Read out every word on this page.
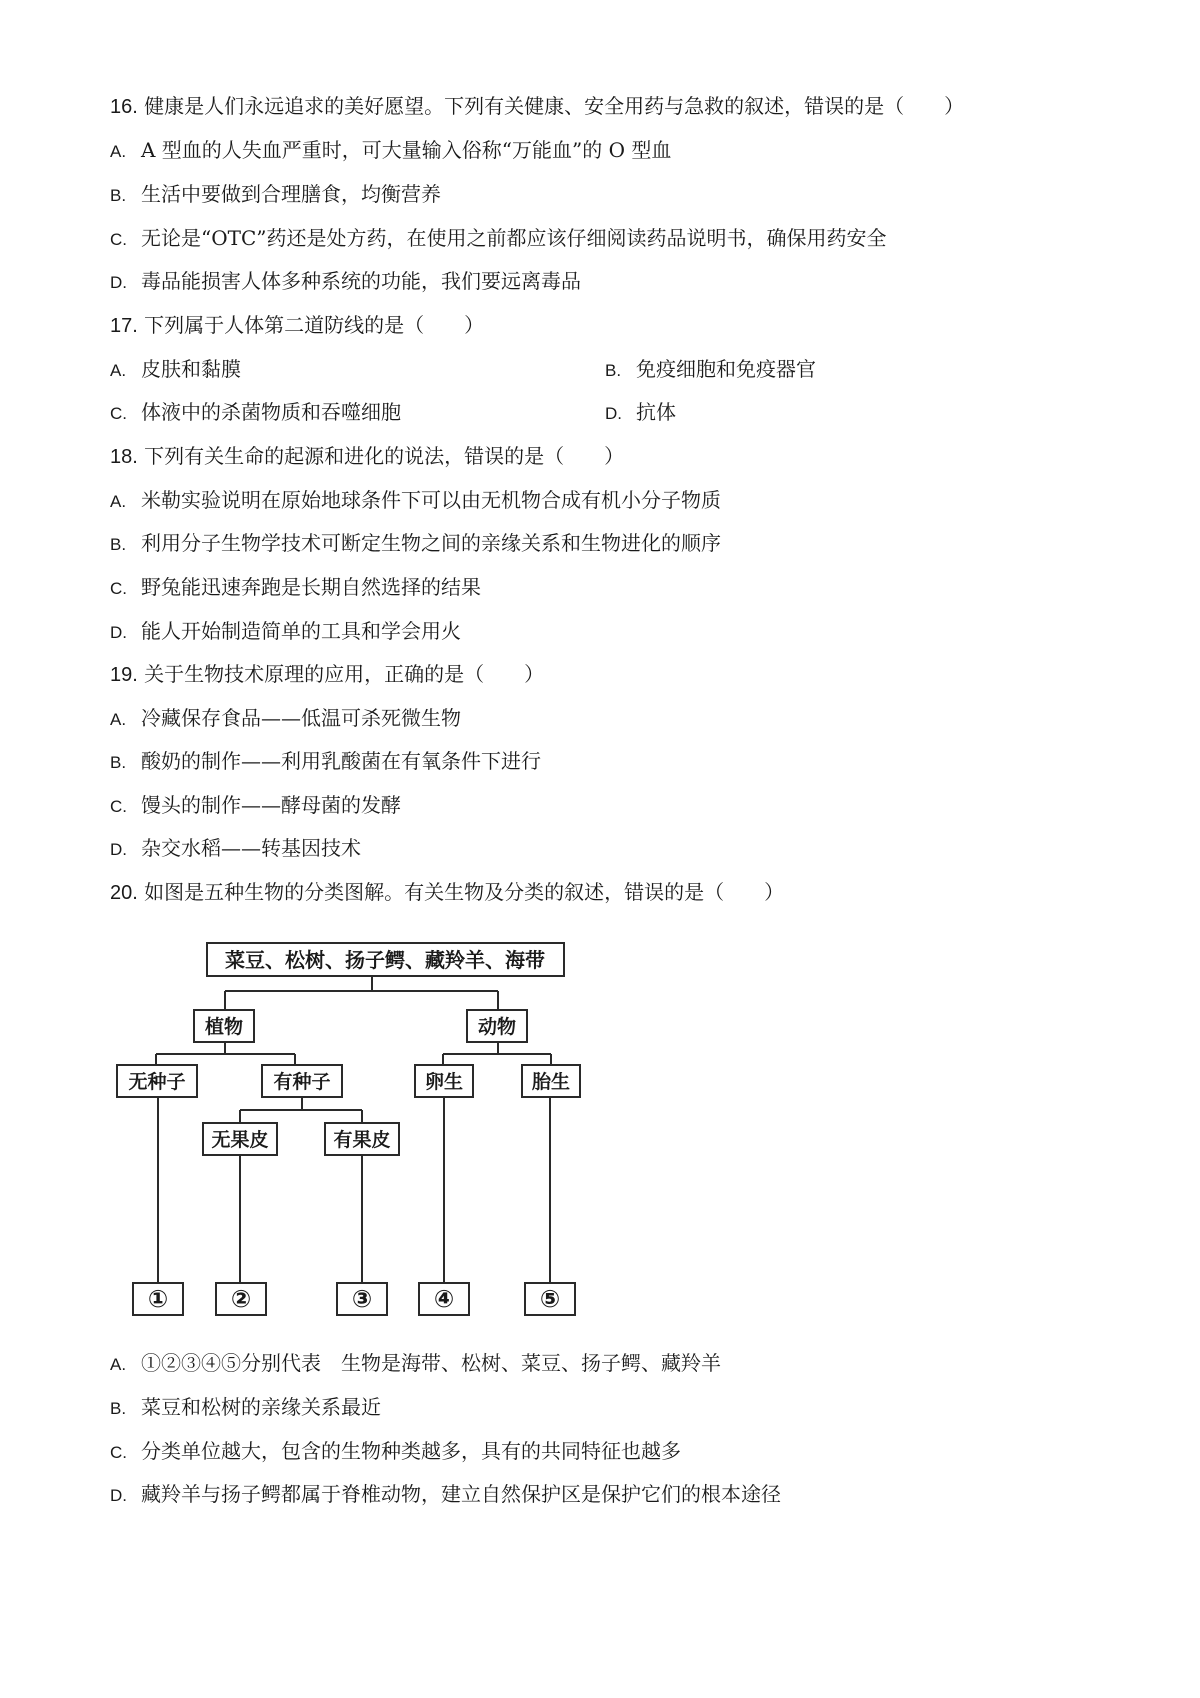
16. 健康是人们永远追求的美好愿望。下列有关健康、安全用药与急救的叙述，错误的是（　　）
A. A 型血的人失血严重时，可大量输入俗称“万能血”的 O 型血
B. 生活中要做到合理膳食，均衡营养
C. 无论是“OTC”药还是处方药，在使用之前都应该仔细阅读药品说明书，确保用药安全
D. 毒品能损害人体多种系统的功能，我们要远离毒品
17. 下列属于人体第二道防线的是（　　）
A. 皮肤和黏膜	B. 免疫细胞和免疫器官
C. 体液中的杀菌物质和吞噬细胞	D. 抗体
18. 下列有关生命的起源和进化的说法，错误的是（　　）
A. 米勒实验说明在原始地球条件下可以由无机物合成有机小分子物质
B. 利用分子生物学技术可断定生物之间的亲缘关系和生物进化的顺序
C. 野兔能迅速奔跑是长期自然选择的结果
D. 能人开始制造简单的工具和学会用火
19. 关于生物技术原理的应用，正确的是（　　）
A. 冷藏保存食品——低温可杀死微生物
B. 酸奶的制作——利用乳酸菌在有氧条件下进行
C. 馒头的制作——酵母菌的发酵
D. 杂交水稻——转基因技术
20. 如图是五种生物的分类图解。有关生物及分类的叙述，错误的是（　　）
菜豆、松树、扬子鳄、藏羚羊、海带
植物	动物
无种子	有种子	卵生	胎生
无果皮	有果皮
①	②	③	④	⑤
A. ①②③④⑤分别代表　生物是海带、松树、菜豆、扬子鳄、藏羚羊
B. 菜豆和松树的亲缘关系最近
C. 分类单位越大，包含的生物种类越多，具有的共同特征也越多
D. 藏羚羊与扬子鳄都属于脊椎动物，建立自然保护区是保护它们的根本途径
